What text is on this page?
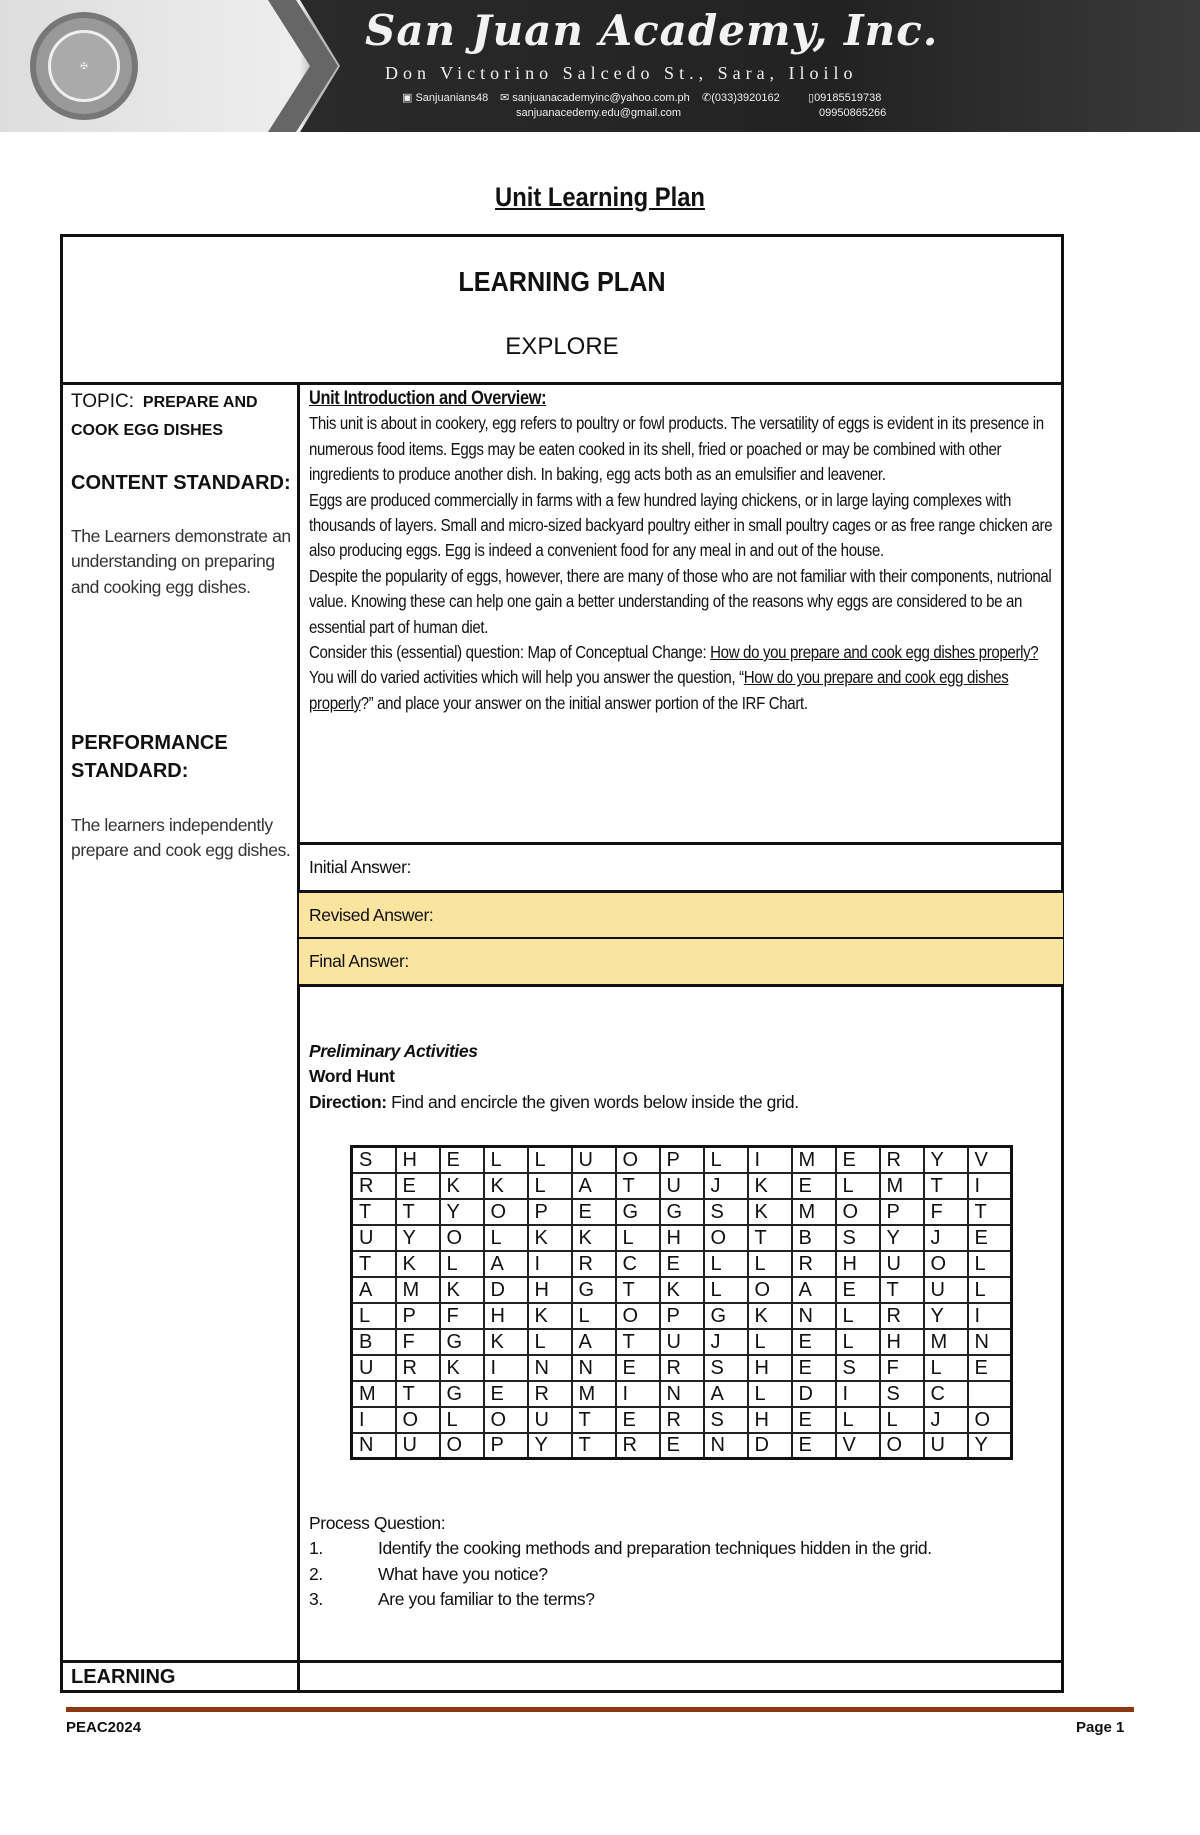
✠
San Juan Academy, Inc.
Don Victorino Salcedo St., Sara, Iloilo
▣ Sanjuanians48 ✉ sanjuanacademyinc@yahoo.com.ph
sanjuanacedemy.edu@gmail.com
✆(033)3920162	▯09185519738
09950865266
Unit Learning Plan
LEARNING PLAN
EXPLORE
TOPIC: PREPARE AND COOK EGG DISHES
CONTENT STANDARD:
The Learners demonstrate an understanding on preparing and cooking egg dishes.
PERFORMANCE
STANDARD:
The learners independently prepare and cook egg dishes.
LEARNING
Unit Introduction and Overview:
This unit is about in cookery, egg refers to poultry or fowl products. The versatility of eggs is evident in its presence in numerous food items. Eggs may be eaten cooked in its shell, fried or poached or may be combined with other ingredients to produce another dish. In baking, egg acts both as an emulsifier and leavener.
Eggs are produced commercially in farms with a few hundred laying chickens, or in large laying complexes with thousands of layers. Small and micro-sized backyard poultry either in small poultry cages or as free range chicken are also producing eggs. Egg is indeed a convenient food for any meal in and out of the house.
Despite the popularity of eggs, however, there are many of those who are not familiar with their components, nutrional value. Knowing these can help one gain a better understanding of the reasons why eggs are considered to be an essential part of human diet.
Consider this (essential) question: Map of Conceptual Change: How do you prepare and cook egg dishes properly?
You will do varied activities which will help you answer the question, “How do you prepare and cook egg dishes properly?” and place your answer on the initial answer portion of the IRF Chart.
Initial Answer:
Revised Answer:
Final Answer:
Preliminary Activities
Word Hunt
Direction: Find and encircle the given words below inside the grid.
S	H	E	L	L	U	O	P	L	I	M	E	R	Y	V
R	E	K	K	L	A	T	U	J	K	E	L	M	T	I
T	T	Y	O	P	E	G	G	S	K	M	O	P	F	T
U	Y	O	L	K	K	L	H	O	T	B	S	Y	J	E
T	K	L	A	I	R	C	E	L	L	R	H	U	O	L
A	M	K	D	H	G	T	K	L	O	A	E	T	U	L
L	P	F	H	K	L	O	P	G	K	N	L	R	Y	I
B	F	G	K	L	A	T	U	J	L	E	L	H	M	N
U	R	K	I	N	N	E	R	S	H	E	S	F	L	E
M	T	G	E	R	M	I	N	A	L	D	I	S	C	
I	O	L	O	U	T	E	R	S	H	E	L	L	J	O
N	U	O	P	Y	T	R	E	N	D	E	V	O	U	Y
Process Question:
1.	Identify the cooking methods and preparation techniques hidden in the grid.
2.	What have you notice?
3.	Are you familiar to the terms?
PEAC2024	Page 1
